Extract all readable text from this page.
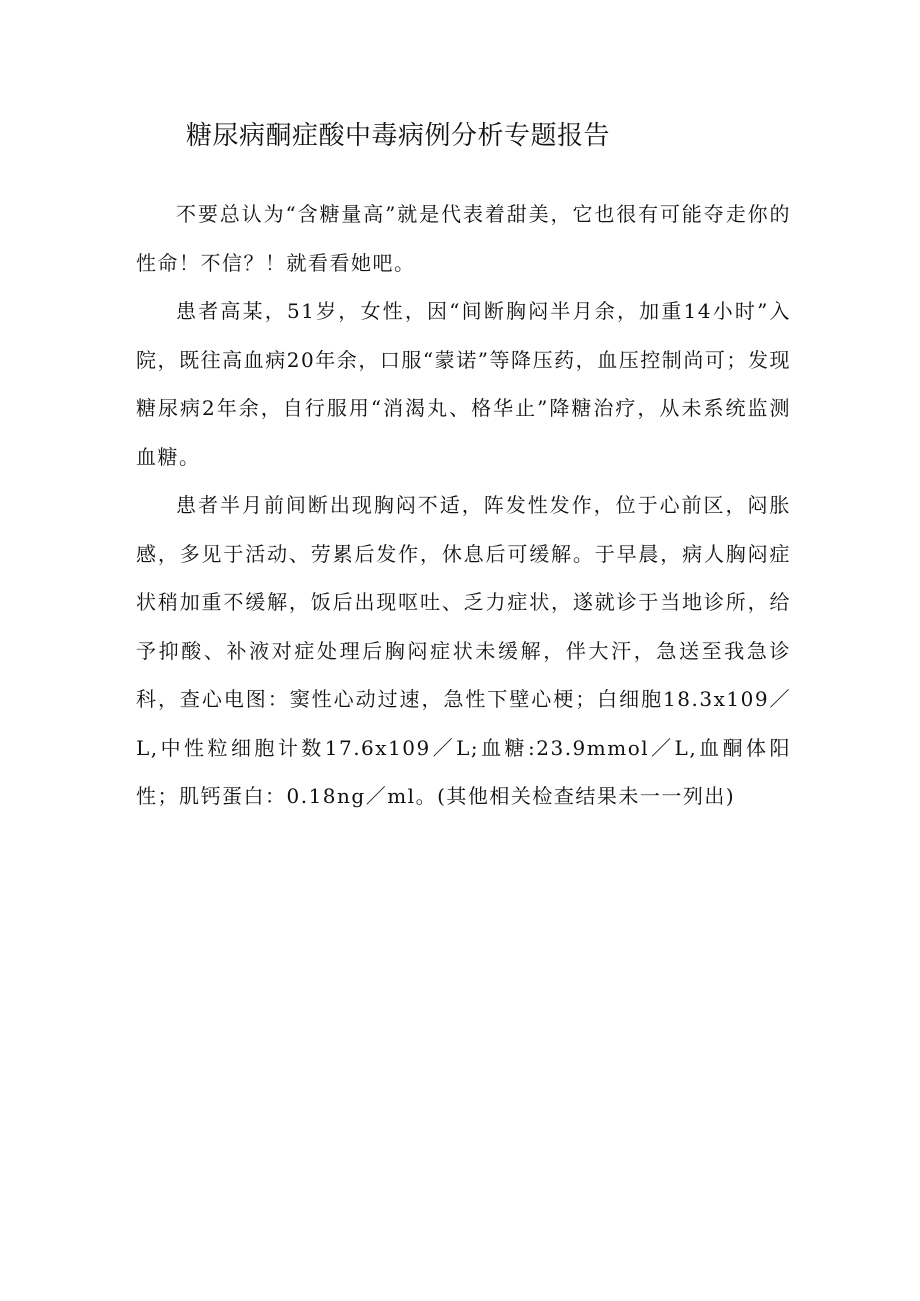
糖尿病酮症酸中毒病例分析专题报告

不要总认为“含糖量高”就是代表着甜美，它也很有可能夺走你的性命！不信？！就看看她吧。

患者高某，51岁，女性，因“间断胸闷半月余，加重14小时”入院，既往高血病20年余，口服“蒙诺”等降压药，血压控制尚可；发现糖尿病2年余，自行服用“消渴丸、格华止”降糖治疗，从未系统监测血糖。

患者半月前间断出现胸闷不适，阵发性发作，位于心前区，闷胀感，多见于活动、劳累后发作，休息后可缓解。于早晨，病人胸闷症状稍加重不缓解，饭后出现呕吐、乏力症状，遂就诊于当地诊所，给予抑酸、补液对症处理后胸闷症状未缓解，伴大汗，急送至我急诊科，查心电图：窦性心动过速，急性下壁心梗；白细胞18.3x109／L,中性粒细胞计数17.6x109／L;血糖:23.9mmol／L,血酮体阳性；肌钙蛋白：0.18ng／ml。(其他相关检查结果未一一列出)
